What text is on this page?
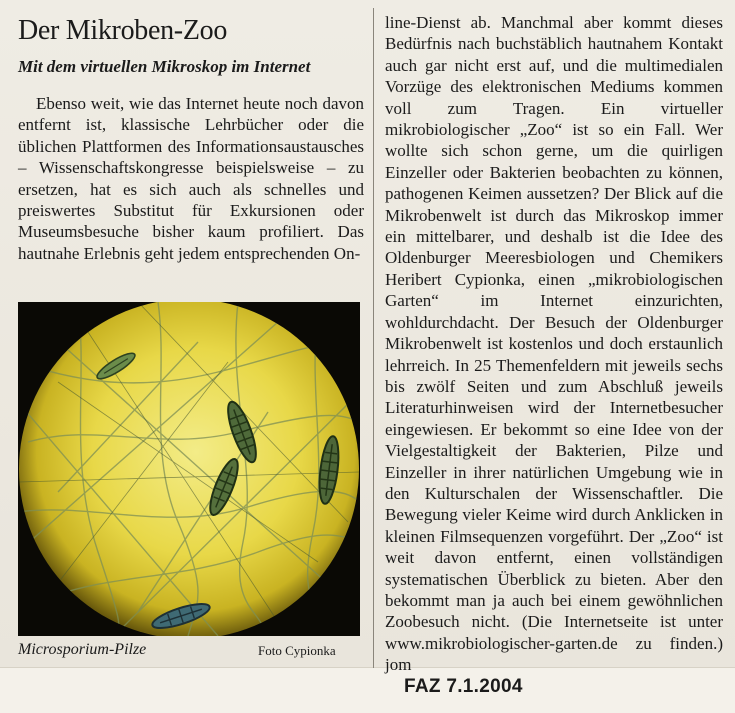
Der Mikroben-Zoo
Mit dem virtuellen Mikroskop im Internet

Ebenso weit, wie das Internet heute noch davon entfernt ist, klassische Lehrbücher oder die üblichen Plattformen des Informationsaustausches – Wissenschaftskongresse beispielsweise – zu ersetzen, hat es sich auch als schnelles und preiswertes Substitut für Exkursionen oder Museumsbesuche bisher kaum profiliert. Das hautnahe Erlebnis geht jedem entsprechenden On-

Microsporium-Pilze	Foto Cypionka

line-Dienst ab. Manchmal aber kommt dieses Bedürfnis nach buchstäblich hautnahem Kontakt auch gar nicht erst auf, und die multimedialen Vorzüge des elektronischen Mediums kommen voll zum Tragen. Ein virtueller mikrobiologischer „Zoo“ ist so ein Fall. Wer wollte sich schon gerne, um die quirligen Einzeller oder Bakterien beobachten zu können, pathogenen Keimen aussetzen? Der Blick auf die Mikrobenwelt ist durch das Mikroskop immer ein mittelbarer, und deshalb ist die Idee des Oldenburger Meeresbiologen und Chemikers Heribert Cypionka, einen „mikrobiologischen Garten“ im Internet einzurichten, wohldurchdacht. Der Besuch der Oldenburger Mikrobenwelt ist kostenlos und doch erstaunlich lehrreich. In 25 Themenfeldern mit jeweils sechs bis zwölf Seiten und zum Abschluß jeweils Literaturhinweisen wird der Internetbesucher eingewiesen. Er bekommt so eine Idee von der Vielgestaltigkeit der Bakterien, Pilze und Einzeller in ihrer natürlichen Umgebung wie in den Kulturschalen der Wissenschaftler. Die Bewegung vieler Keime wird durch Anklicken in kleinen Filmsequenzen vorgeführt. Der „Zoo“ ist weit davon entfernt, einen vollständigen systematischen Überblick zu bieten. Aber den bekommt man ja auch bei einem gewöhnlichen Zoobesuch nicht. (Die Internetseite ist unter www.mikrobiologischer-garten.de zu finden.) jom

FAZ 7.1.2004
